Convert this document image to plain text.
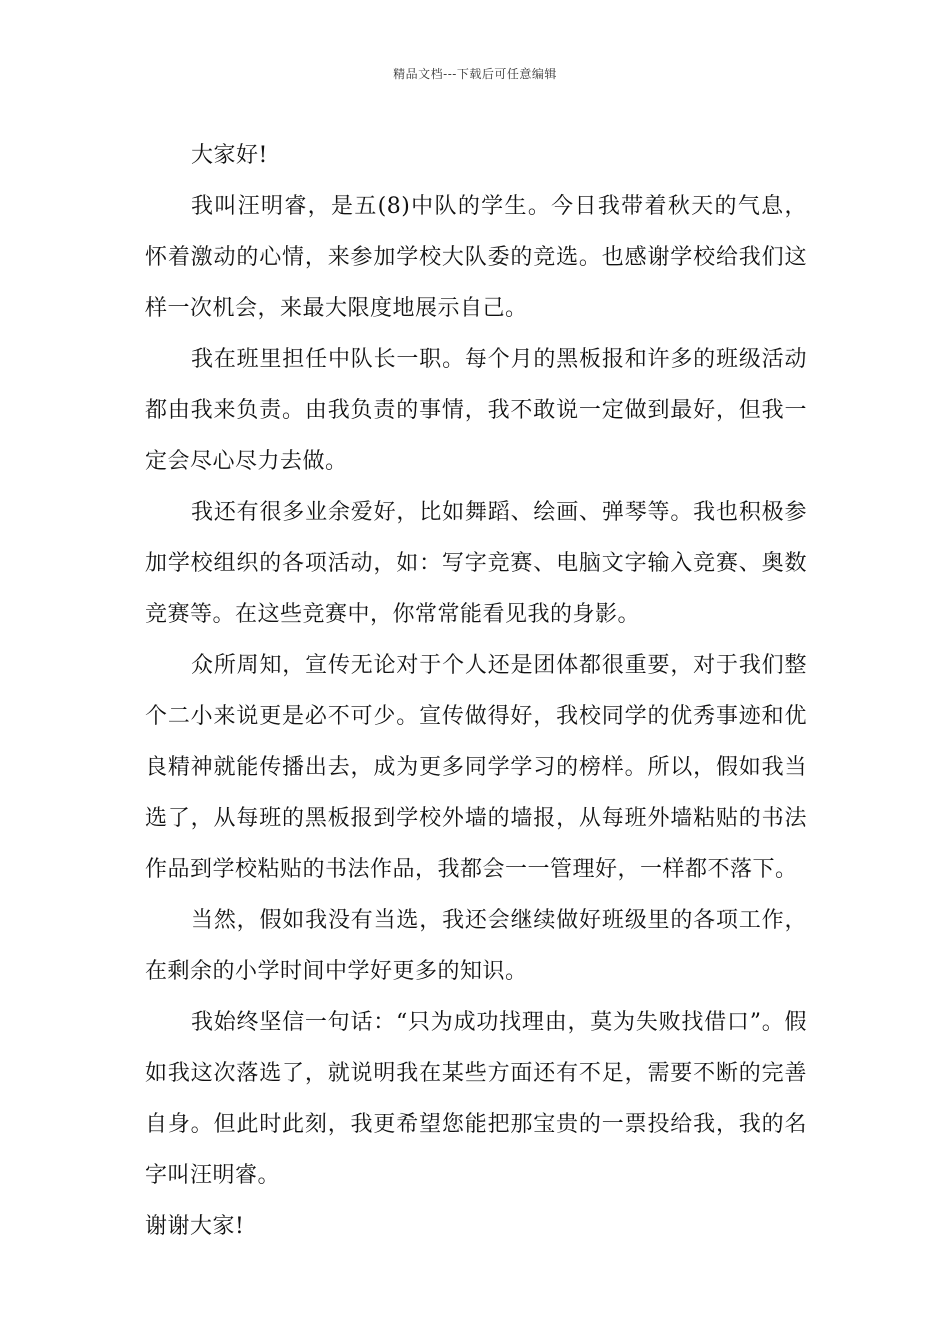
精品文档---下载后可任意编辑

大家好!

我叫汪明睿，是五(8)中队的学生。今日我带着秋天的气息，怀着激动的心情，来参加学校大队委的竞选。也感谢学校给我们这样一次机会，来最大限度地展示自己。

我在班里担任中队长一职。每个月的黑板报和许多的班级活动都由我来负责。由我负责的事情，我不敢说一定做到最好，但我一定会尽心尽力去做。

我还有很多业余爱好，比如舞蹈、绘画、弹琴等。我也积极参加学校组织的各项活动，如：写字竞赛、电脑文字输入竞赛、奥数竞赛等。在这些竞赛中，你常常能看见我的身影。

众所周知，宣传无论对于个人还是团体都很重要，对于我们整个二小来说更是必不可少。宣传做得好，我校同学的优秀事迹和优良精神就能传播出去，成为更多同学学习的榜样。所以，假如我当选了，从每班的黑板报到学校外墙的墙报，从每班外墙粘贴的书法作品到学校粘贴的书法作品，我都会一一管理好，一样都不落下。

当然，假如我没有当选，我还会继续做好班级里的各项工作，在剩余的小学时间中学好更多的知识。

我始终坚信一句话：“只为成功找理由，莫为失败找借口”。假如我这次落选了，就说明我在某些方面还有不足，需要不断的完善自身。但此时此刻，我更希望您能把那宝贵的一票投给我，我的名字叫汪明睿。

谢谢大家!
